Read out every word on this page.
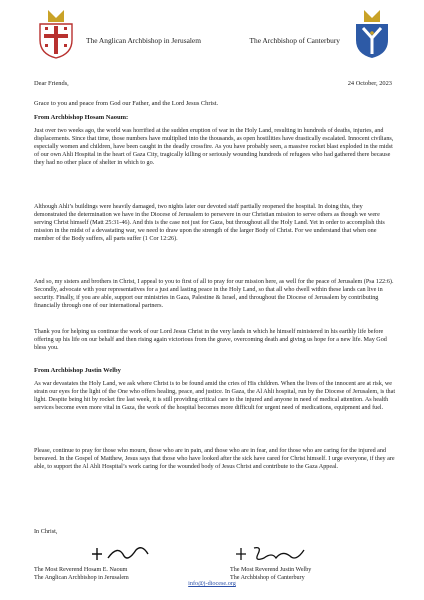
The Anglican Archbishop in Jerusalem	The Archbishop of Canterbury
Dear Friends,	24 October, 2023
Grace to you and peace from God our Father, and the Lord Jesus Christ.
From Archbishop Hosam Naoum:

Just over two weeks ago, the world was horrified at the sudden eruption of war in the Holy Land, resulting in hundreds of deaths, injuries, and displacements. Since that time, those numbers have multiplied into the thousands, as open hostilities have drastically escalated. Innocent civilians, especially women and children, have been caught in the deadly crossfire. As you have probably seen, a massive rocket blast exploded in the midst of our own Ahli Hospital in the heart of Gaza City, tragically killing or seriously wounding hundreds of refugees who had gathered there because they had no other place of shelter in which to go.

Although Ahli’s buildings were heavily damaged, two nights later our devoted staff partially reopened the hospital. In doing this, they demonstrated the determination we have in the Diocese of Jerusalem to persevere in our Christian mission to serve others as though we were serving Christ himself (Matt 25:31-46). And this is the case not just for Gaza, but throughout all the Holy Land. Yet in order to accomplish this mission in the midst of a devastating war, we need to draw upon the strength of the larger Body of Christ. For we understand that when one member of the Body suffers, all parts suffer (1 Cor 12:26).

And so, my sisters and brothers in Christ, I appeal to you to first of all to pray for our mission here, as well for the peace of Jerusalem (Psa 122:6). Secondly, advocate with your representatives for a just and lasting peace in the Holy Land, so that all who dwell within these lands can live in security. Finally, if you are able, support our ministries in Gaza, Palestine & Israel, and throughout the Diocese of Jerusalem by contributing financially through one of our international partners.

Thank you for helping us continue the work of our Lord Jesus Christ in the very lands in which he himself ministered in his earthly life before offering up his life on our behalf and then rising again victorious from the grave, overcoming death and giving us hope for a new life. May God bless you.

From Archbishop Justin Welby

As war devastates the Holy Land, we ask where Christ is to be found amid the cries of His children. When the lives of the innocent are at risk, we strain our eyes for the light of the One who offers healing, peace, and justice. In Gaza, the Al Ahli hospital, run by the Diocese of Jerusalem, is that light. Despite being hit by rocket fire last week, it is still providing critical care to the injured and anyone in need of medical attention. As health services become even more vital in Gaza, the work of the hospital becomes more difficult for urgent need of medications, equipment and fuel.

Please, continue to pray for those who mourn, those who are in pain, and those who are in fear, and for those who are caring for the injured and bereaved. In the Gospel of Matthew, Jesus says that those who have looked after the sick have cared for Christ himself. I urge everyone, if they are able, to support the Al Ahli Hospital’s work caring for the wounded body of Jesus Christ and contribute to the Gaza Appeal.

In Christ,
The Most Reverend Hosam E. Naoum
The Anglican Archbishop in Jerusalem
The Most Reverend Justin Welby
The Archbishop of Canterbury
info@j-diocese.org
